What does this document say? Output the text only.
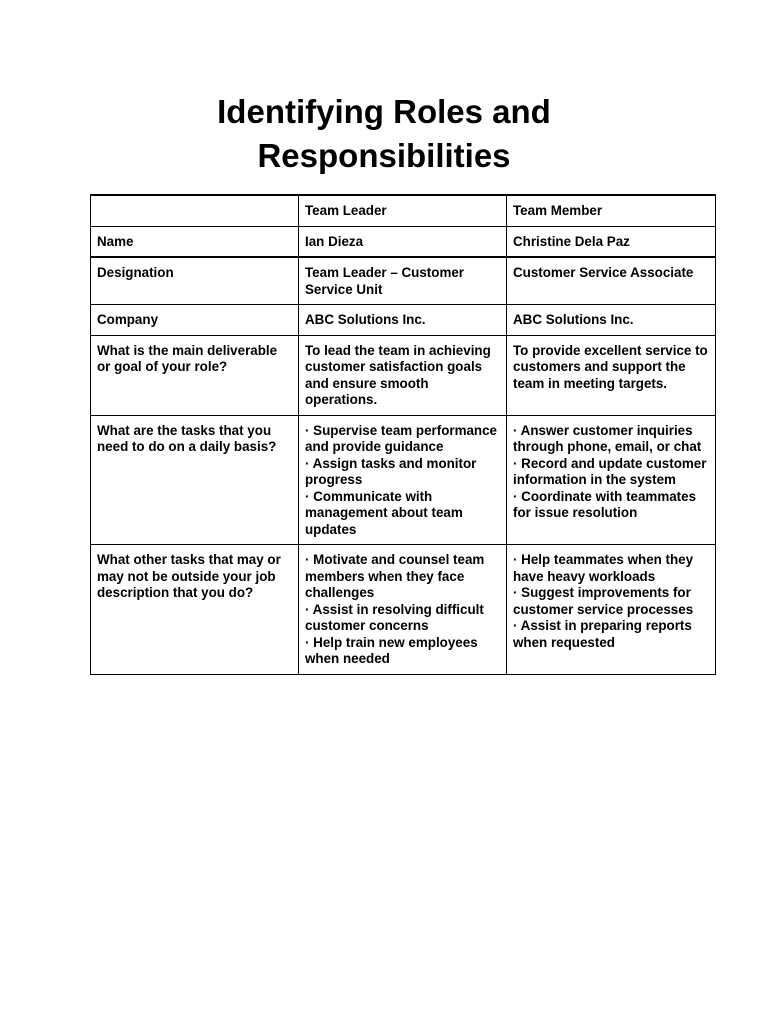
Identifying Roles and
Responsibilities
	Team Leader	Team Member
Name	Ian Dieza	Christine Dela Paz

Designation	Team Leader – Customer Service Unit	Customer Service Associate

Company	ABC Solutions Inc.	ABC Solutions Inc.

What is the main deliverable or goal of your role?	To lead the team in achieving customer satisfaction goals and ensure smooth operations.	To provide excellent service to customers and support the team in meeting targets.

What are the tasks that you need to do on a daily basis?	· Supervise team performance and provide guidance
· Assign tasks and monitor progress
· Communicate with management about team updates	· Answer customer inquiries through phone, email, or chat
· Record and update customer information in the system
· Coordinate with teammates for issue resolution

What other tasks that may or may not be outside your job description that you do?	· Motivate and counsel team members when they face challenges
· Assist in resolving difficult customer concerns
· Help train new employees when needed	· Help teammates when they have heavy workloads
· Suggest improvements for customer service processes
· Assist in preparing reports when requested
